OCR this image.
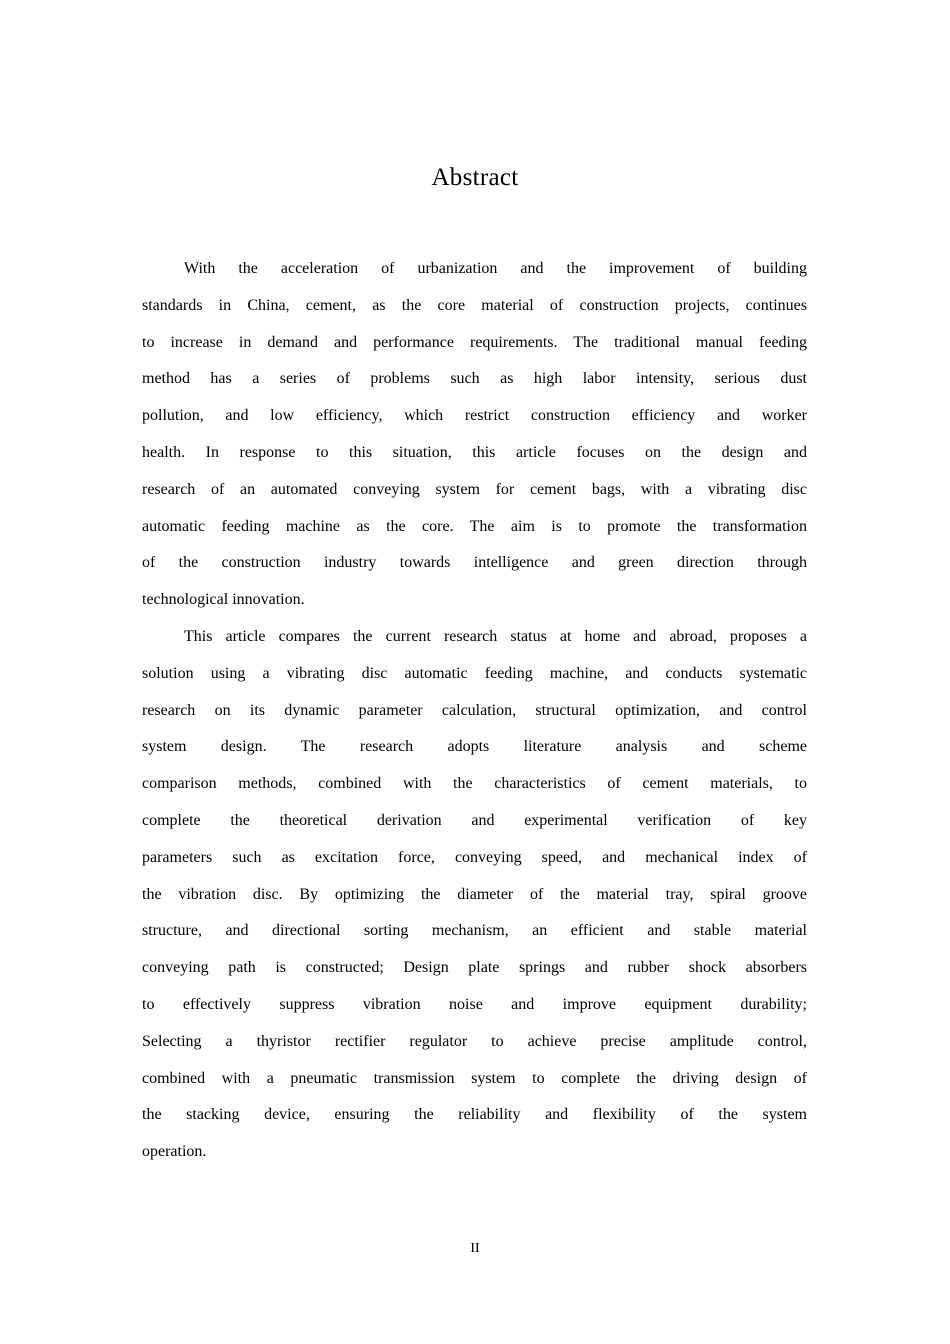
Abstract
With the acceleration of urbanization and the improvement of building
standards in China, cement, as the core material of construction projects, continues
to increase in demand and performance requirements. The traditional manual feeding
method has a series of problems such as high labor intensity, serious dust
pollution, and low efficiency, which restrict construction efficiency and worker
health. In response to this situation, this article focuses on the design and
research of an automated conveying system for cement bags, with a vibrating disc
automatic feeding machine as the core. The aim is to promote the transformation
of the construction industry towards intelligence and green direction through
technological innovation.
This article compares the current research status at home and abroad, proposes a
solution using a vibrating disc automatic feeding machine, and conducts systematic
research on its dynamic parameter calculation, structural optimization, and control
system design. The research adopts literature analysis and scheme
comparison methods, combined with the characteristics of cement materials, to
complete the theoretical derivation and experimental verification of key
parameters such as excitation force, conveying speed, and mechanical index of
the vibration disc. By optimizing the diameter of the material tray, spiral groove
structure, and directional sorting mechanism, an efficient and stable material
conveying path is constructed; Design plate springs and rubber shock absorbers
to effectively suppress vibration noise and improve equipment durability;
Selecting a thyristor rectifier regulator to achieve precise amplitude control,
combined with a pneumatic transmission system to complete the driving design of
the stacking device, ensuring the reliability and flexibility of the system
operation.
II
